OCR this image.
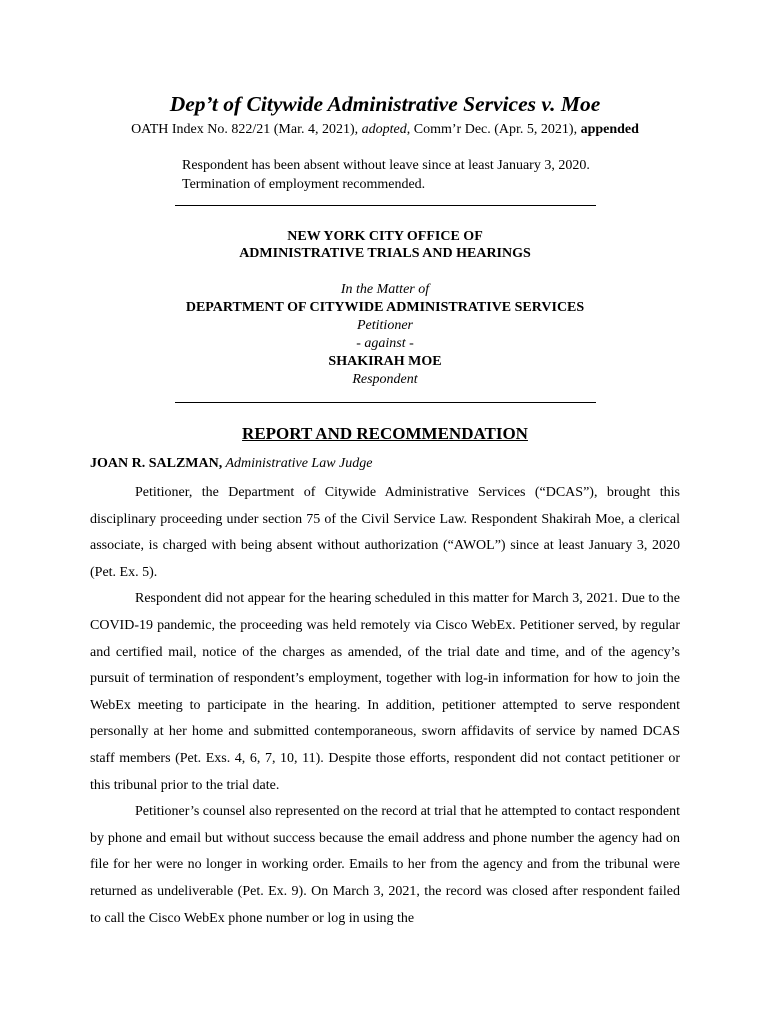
Dep’t of Citywide Administrative Services v. Moe
OATH Index No. 822/21 (Mar. 4, 2021), adopted, Comm’r Dec. (Apr. 5, 2021), appended
Respondent has been absent without leave since at least January 3, 2020. Termination of employment recommended.
NEW YORK CITY OFFICE OF
ADMINISTRATIVE TRIALS AND HEARINGS
In the Matter of
DEPARTMENT OF CITYWIDE ADMINISTRATIVE SERVICES
Petitioner
- against -
SHAKIRAH MOE
Respondent
REPORT AND RECOMMENDATION
JOAN R. SALZMAN, Administrative Law Judge

Petitioner, the Department of Citywide Administrative Services (“DCAS”), brought this disciplinary proceeding under section 75 of the Civil Service Law. Respondent Shakirah Moe, a clerical associate, is charged with being absent without authorization (“AWOL”) since at least January 3, 2020 (Pet. Ex. 5).

Respondent did not appear for the hearing scheduled in this matter for March 3, 2021. Due to the COVID-19 pandemic, the proceeding was held remotely via Cisco WebEx. Petitioner served, by regular and certified mail, notice of the charges as amended, of the trial date and time, and of the agency’s pursuit of termination of respondent’s employment, together with log-in information for how to join the WebEx meeting to participate in the hearing. In addition, petitioner attempted to serve respondent personally at her home and submitted contemporaneous, sworn affidavits of service by named DCAS staff members (Pet. Exs. 4, 6, 7, 10, 11). Despite those efforts, respondent did not contact petitioner or this tribunal prior to the trial date.

Petitioner’s counsel also represented on the record at trial that he attempted to contact respondent by phone and email but without success because the email address and phone number the agency had on file for her were no longer in working order. Emails to her from the agency and from the tribunal were returned as undeliverable (Pet. Ex. 9). On March 3, 2021, the record was closed after respondent failed to call the Cisco WebEx phone number or log in using the
